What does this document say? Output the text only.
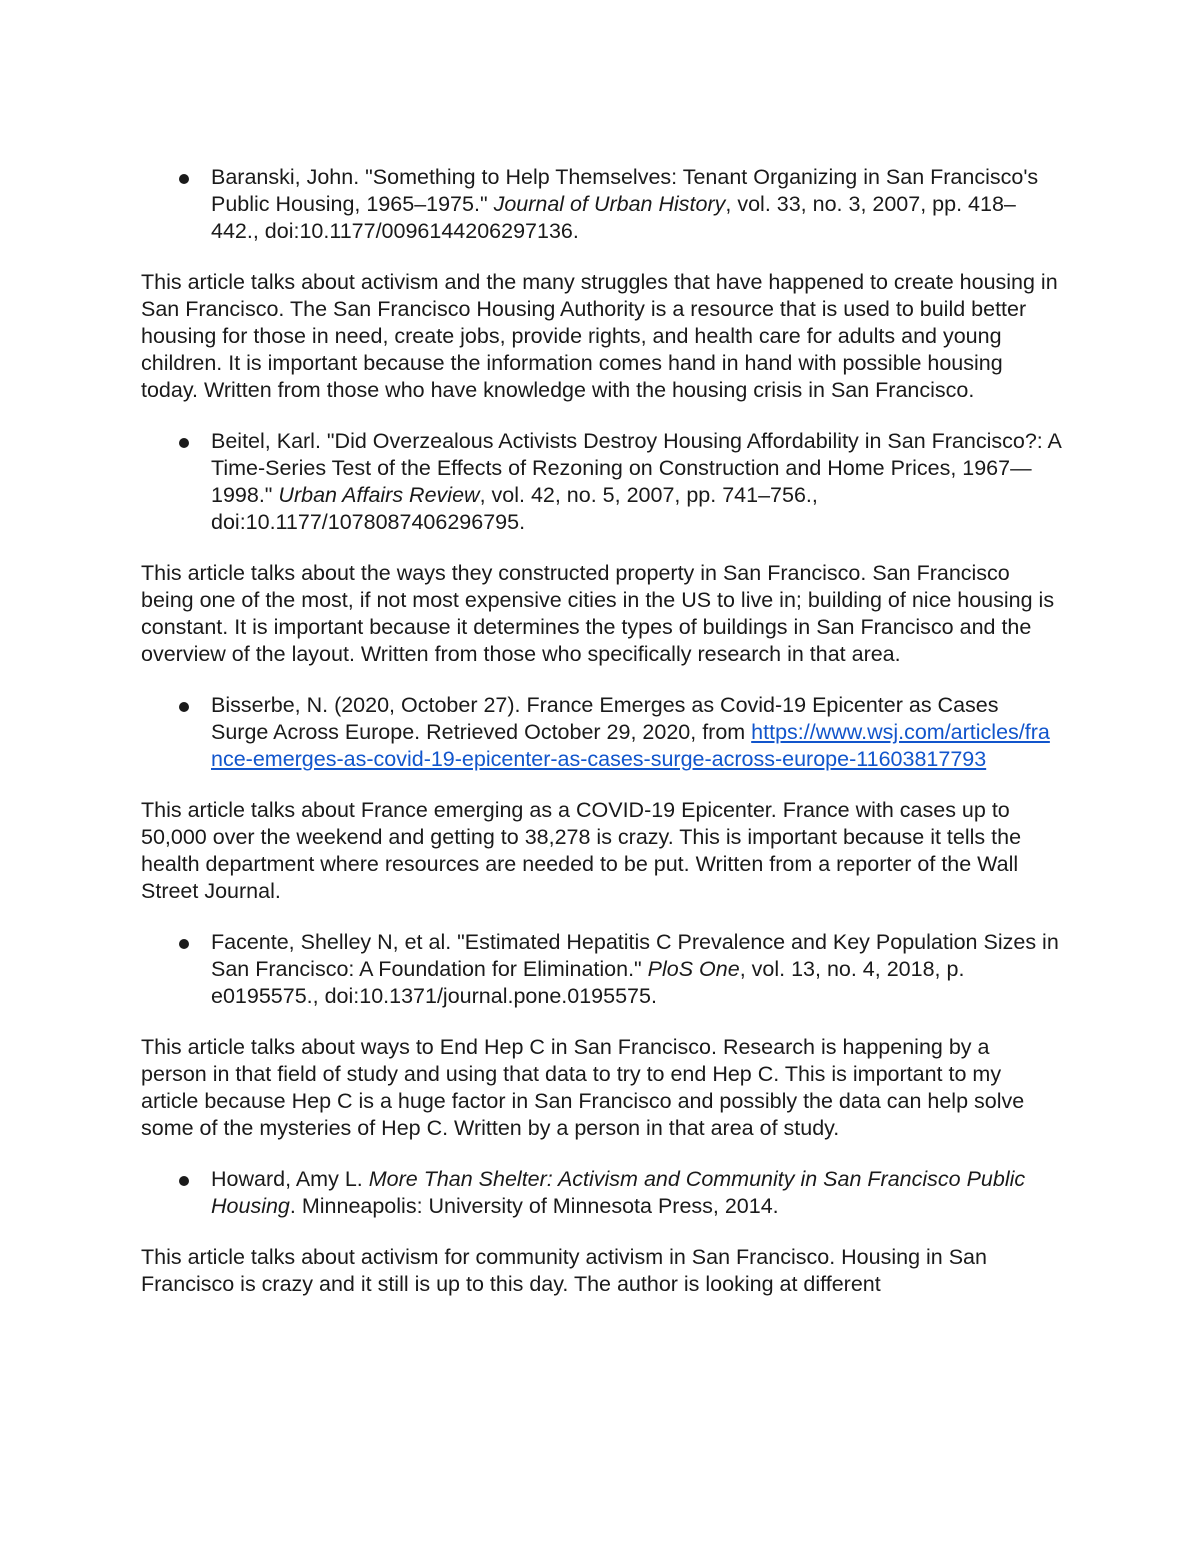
Baranski, John. "Something to Help Themselves: Tenant Organizing in San Francisco's Public Housing, 1965–1975." Journal of Urban History, vol. 33, no. 3, 2007, pp. 418–442., doi:10.1177/0096144206297136.

This article talks about activism and the many struggles that have happened to create housing in San Francisco. The San Francisco Housing Authority is a resource that is used to build better housing for those in need, create jobs, provide rights, and health care for adults and young children. It is important because the information comes hand in hand with possible housing today. Written from those who have knowledge with the housing crisis in San Francisco.

Beitel, Karl. "Did Overzealous Activists Destroy Housing Affordability in San Francisco?: A Time-Series Test of the Effects of Rezoning on Construction and Home Prices, 1967—1998." Urban Affairs Review, vol. 42, no. 5, 2007, pp. 741–756., doi:10.1177/1078087406296795.

This article talks about the ways they constructed property in San Francisco. San Francisco being one of the most, if not most expensive cities in the US to live in; building of nice housing is constant. It is important because it determines the types of buildings in San Francisco and the overview of the layout. Written from those who specifically research in that area.

Bisserbe, N. (2020, October 27). France Emerges as Covid-19 Epicenter as Cases Surge Across Europe. Retrieved October 29, 2020, from https://www.wsj.com/articles/france-emerges-as-covid-19-epicenter-as-cases-surge-across-europe-11603817793

This article talks about France emerging as a COVID-19 Epicenter. France with cases up to 50,000 over the weekend and getting to 38,278 is crazy. This is important because it tells the health department where resources are needed to be put. Written from a reporter of the Wall Street Journal.

Facente, Shelley N, et al. "Estimated Hepatitis C Prevalence and Key Population Sizes in San Francisco: A Foundation for Elimination." PloS One, vol. 13, no. 4, 2018, p. e0195575., doi:10.1371/journal.pone.0195575.

This article talks about ways to End Hep C in San Francisco. Research is happening by a person in that field of study and using that data to try to end Hep C. This is important to my article because Hep C is a huge factor in San Francisco and possibly the data can help solve some of the mysteries of Hep C. Written by a person in that area of study.

Howard, Amy L. More Than Shelter: Activism and Community in San Francisco Public Housing. Minneapolis: University of Minnesota Press, 2014.

This article talks about activism for community activism in San Francisco. Housing in San Francisco is crazy and it still is up to this day. The author is looking at different
